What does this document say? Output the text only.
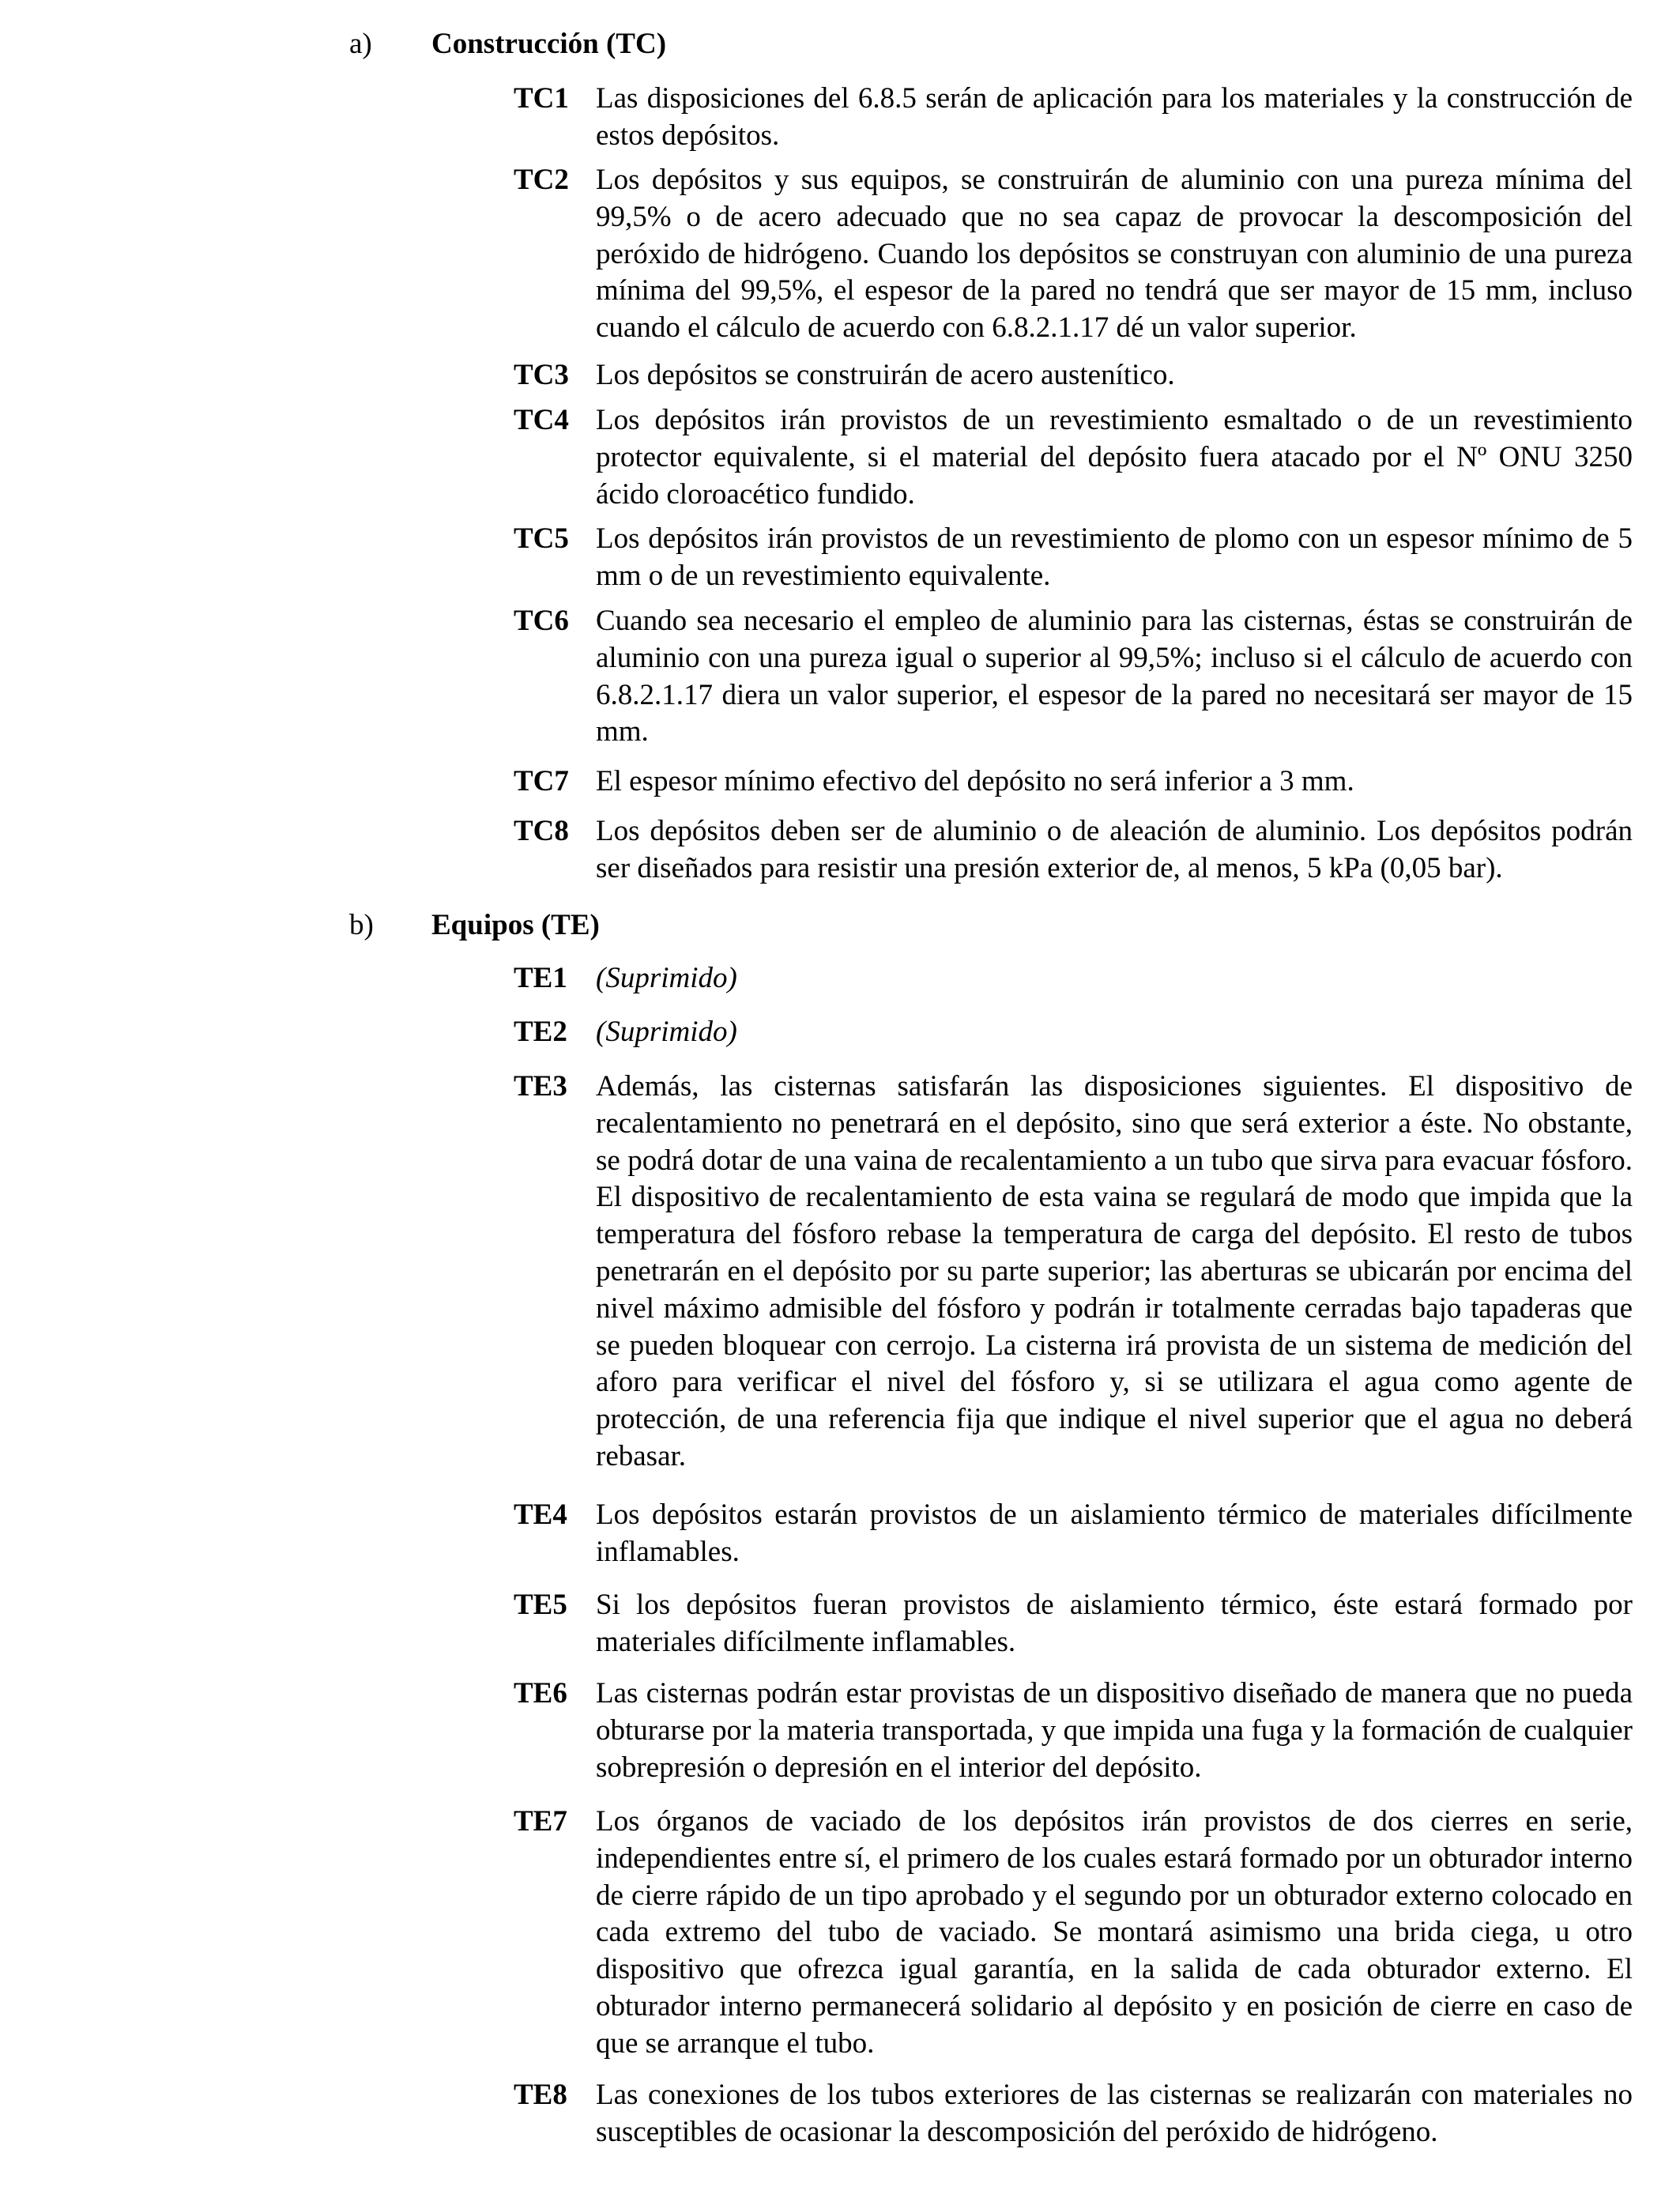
a)	Construcción (TC)
TC1 Las disposiciones del 6.8.5 serán de aplicación para los materiales y la construcción de estos depósitos.
TC2 Los depósitos y sus equipos, se construirán de aluminio con una pureza mínima del 99,5% o de acero adecuado que no sea capaz de provocar la descomposición del peróxido de hidrógeno. Cuando los depósitos se construyan con aluminio de una pureza mínima del 99,5%, el espesor de la pared no tendrá que ser mayor de 15 mm, incluso cuando el cálculo de acuerdo con 6.8.2.1.17 dé un valor superior.
TC3 Los depósitos se construirán de acero austenítico.
TC4 Los depósitos irán provistos de un revestimiento esmaltado o de un revestimiento protector equivalente, si el material del depósito fuera atacado por el Nº ONU 3250 ácido cloroacético fundido.
TC5 Los depósitos irán provistos de un revestimiento de plomo con un espesor mínimo de 5 mm o de un revestimiento equivalente.
TC6 Cuando sea necesario el empleo de aluminio para las cisternas, éstas se construirán de aluminio con una pureza igual o superior al 99,5%; incluso si el cálculo de acuerdo con 6.8.2.1.17 diera un valor superior, el espesor de la pared no necesitará ser mayor de 15 mm.
TC7 El espesor mínimo efectivo del depósito no será inferior a 3 mm.
TC8 Los depósitos deben ser de aluminio o de aleación de aluminio. Los depósitos podrán ser diseñados para resistir una presión exterior de, al menos, 5 kPa (0,05 bar).
b)	Equipos (TE)
TE1 (Suprimido)
TE2 (Suprimido)
TE3 Además, las cisternas satisfarán las disposiciones siguientes. El dispositivo de recalentamiento no penetrará en el depósito, sino que será exterior a éste. No obstante, se podrá dotar de una vaina de recalentamiento a un tubo que sirva para evacuar fósforo. El dispositivo de recalentamiento de esta vaina se regulará de modo que impida que la temperatura del fósforo rebase la temperatura de carga del depósito. El resto de tubos penetrarán en el depósito por su parte superior; las aberturas se ubicarán por encima del nivel máximo admisible del fósforo y podrán ir totalmente cerradas bajo tapaderas que se pueden bloquear con cerrojo. La cisterna irá provista de un sistema de medición del aforo para verificar el nivel del fósforo y, si se utilizara el agua como agente de protección, de una referencia fija que indique el nivel superior que el agua no deberá rebasar.
TE4 Los depósitos estarán provistos de un aislamiento térmico de materiales difícilmente inflamables.
TE5 Si los depósitos fueran provistos de aislamiento térmico, éste estará formado por materiales difícilmente inflamables.
TE6 Las cisternas podrán estar provistas de un dispositivo diseñado de manera que no pueda obturarse por la materia transportada, y que impida una fuga y la formación de cualquier sobrepresión o depresión en el interior del depósito.
TE7 Los órganos de vaciado de los depósitos irán provistos de dos cierres en serie, independientes entre sí, el primero de los cuales estará formado por un obturador interno de cierre rápido de un tipo aprobado y el segundo por un obturador externo colocado en cada extremo del tubo de vaciado. Se montará asimismo una brida ciega, u otro dispositivo que ofrezca igual garantía, en la salida de cada obturador externo. El obturador interno permanecerá solidario al depósito y en posición de cierre en caso de que se arranque el tubo.
TE8 Las conexiones de los tubos exteriores de las cisternas se realizarán con materiales no susceptibles de ocasionar la descomposición del peróxido de hidrógeno.
